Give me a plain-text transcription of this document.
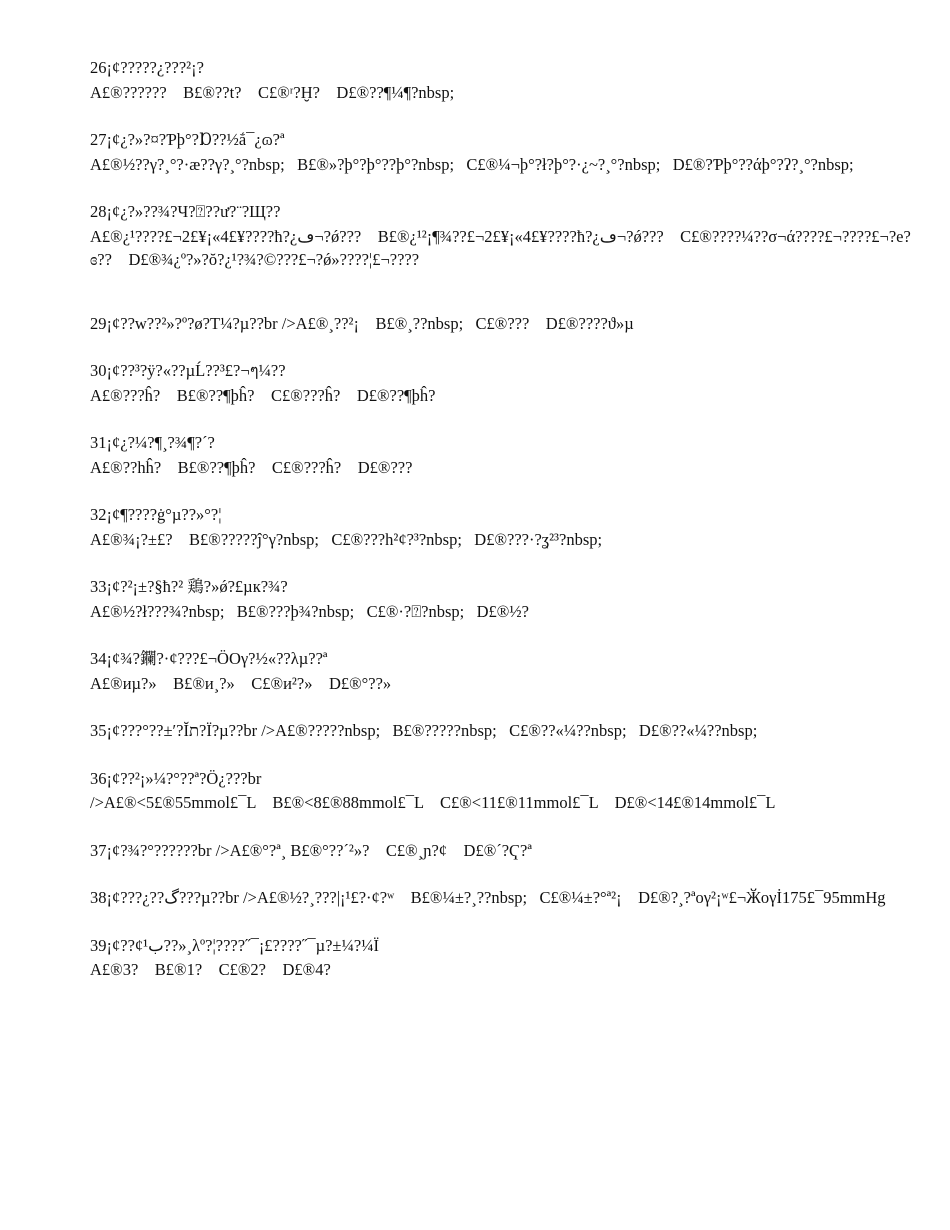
26¡¢?????¿???²¡?

A£®??????    B£®??t?    C£®ʳ?Ḫ?    D£®??¶¼¶?nbsp;

27¡¢¿?»?¤?Ƥþ°?Ɒ??½ắ¯¿ɷ?ª

A£®½??γ?¸°?·æ??γ?¸°?nbsp;   B£®»?þ°?þ°??þ°?nbsp;   C£®¼¬þ°?ł?þ°?·¿~?¸°?nbsp;   D£®?Ƥþ°??άþ°?ʔ?¸°?nbsp;

28¡¢¿?»??¾?Ч?⍰??ư?¨?Щ??

A£®¿¹????£¬2£¥¡«4£¥????ħ?¿ڡ¬?ǿ???    B£®¿¹²¡¶¾??£¬2£¥¡«4£¥????ħ?¿ڡ¬?ǿ???    C£®????¼??σ¬ά????£¬????£¬?e?ɞ??    D£®¾¿º?»?ŏ?¿¹?¾?©???£¬?ǿ»????¦£¬????

29¡¢??w??²»?º?ø?T¼?µ??br />A£®¸??²¡    B£®¸??nbsp;   C£®???    D£®????ϑ»µ

30¡¢??³?ÿ?«??µĹ??³£?¬ๆ¼??

A£®???ĥ?    B£®??¶þĥ?    C£®???ĥ?    D£®??¶þĥ?

31¡¢¿?¼?¶¸?¾¶?´?

A£®??hĥ?    B£®??¶þĥ?    C£®???ĥ?    D£®???

32¡¢¶????ġ°µ??»°?¦

A£®¾¡?±£?    B£®?????ĵ°γ?nbsp;   C£®???h²¢?³?nbsp;   D£®???·?ʓ²³?nbsp;

33¡¢?²¡±?§ħ?² 鶏?»ǿ?£µк?¾?

A£®½?ł???¾?nbsp;   B£®???þ¾?nbsp;   C£®·?⍰?nbsp;   D£®½?

34¡¢¾?鑭?·¢???£¬ÖОγ?½«??λµ??ª

A£®иµ?»    B£®и¸?»    C£®и²?»    D£®°??»

35¡¢???°??±′?Ĭת?Ï?µ??br />A£®?????nbsp;   B£®?????nbsp;   C£®??«¼??nbsp;   D£®??«¼??nbsp;

36¡¢??²¡»¼?°??ª?Ö¿???br

/>A£®<5£®55mmol£¯L    B£®<8£®88mmol£¯L    C£®<11£®11mmol£¯L    D£®<14£®14mmol£¯L

37¡¢?¾?°??????br />A£®°?ª¸ B£®°??´²»?    C£®¸ɲ?¢    D£®´?Ҁ?ª

38¡¢???¿??گ???µ??br />A£®½?¸???|¡¹£?·¢?ʷ    B£®¼±?¸??nbsp;   C£®¼±?°ª²¡    D£®?¸?ªογ²¡ʷ£¬Ӂογİ175£¯95mmHg

39¡¢??¢¹ب??»¸λº?¦????˝¯¡£????˝¯µ?±¼?¼Ï

A£®3?    B£®1?    C£®2?    D£®4?
